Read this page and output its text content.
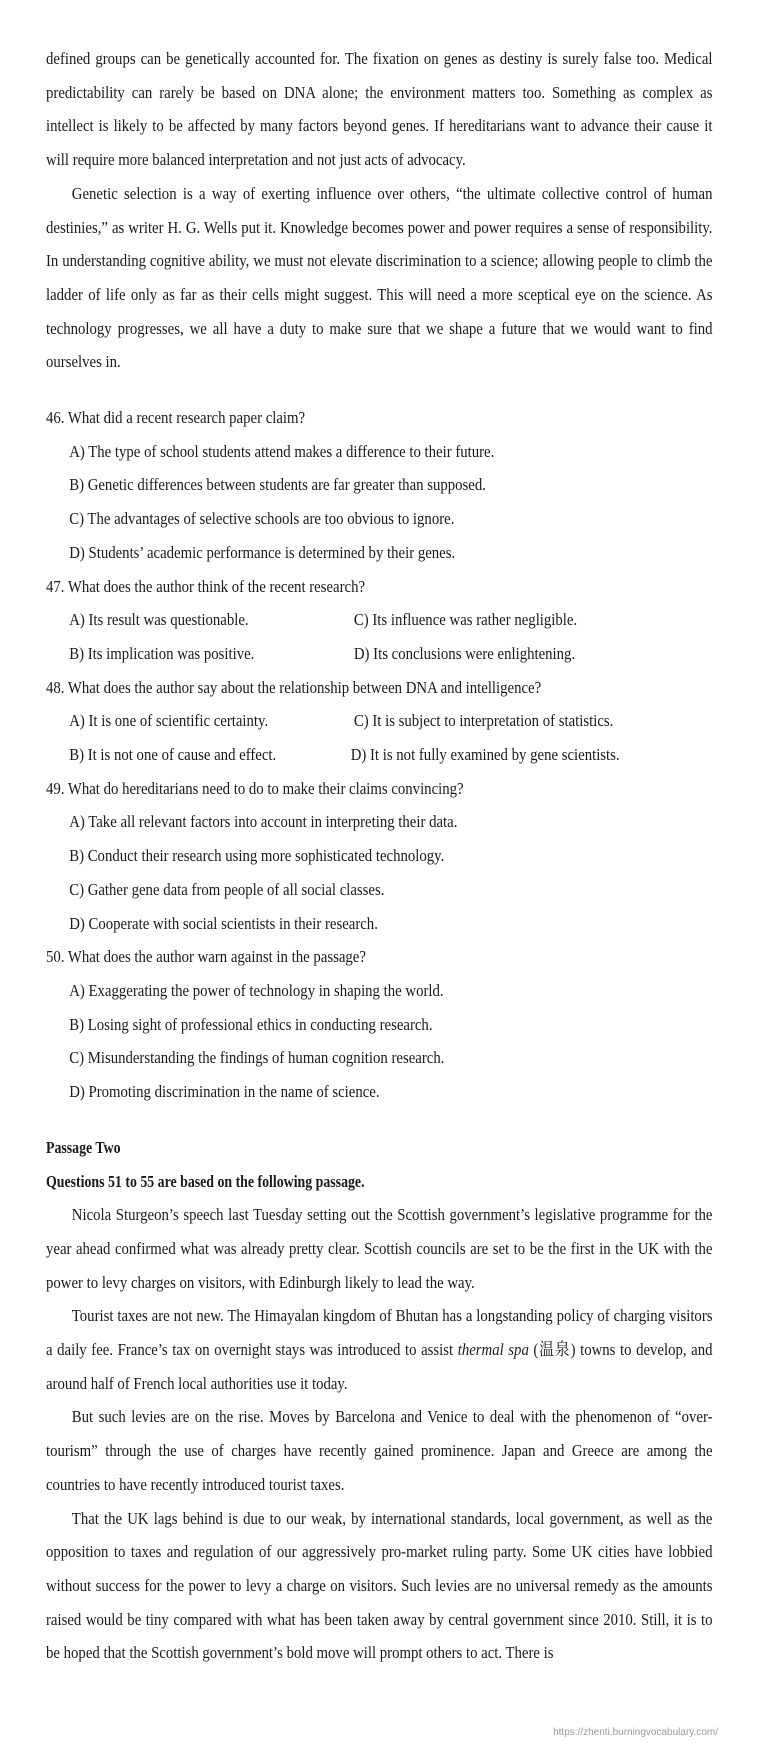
defined groups can be genetically accounted for. The fixation on genes as destiny is surely false too. Medical predictability can rarely be based on DNA alone; the environment matters too. Something as complex as intellect is likely to be affected by many factors beyond genes. If hereditarians want to advance their cause it will require more balanced interpretation and not just acts of advocacy.

Genetic selection is a way of exerting influence over others, “the ultimate collective control of human destinies,” as writer H. G. Wells put it. Knowledge becomes power and power requires a sense of responsibility. In understanding cognitive ability, we must not elevate discrimination to a science; allowing people to climb the ladder of life only as far as their cells might suggest. This will need a more sceptical eye on the science. As technology progresses, we all have a duty to make sure that we shape a future that we would want to find ourselves in.

46. What did a recent research paper claim?
A) The type of school students attend makes a difference to their future.
B) Genetic differences between students are far greater than supposed.
C) The advantages of selective schools are too obvious to ignore.
D) Students’ academic performance is determined by their genes.
47. What does the author think of the recent research?
A) Its result was questionable.	C) Its influence was rather negligible.
B) Its implication was positive.	D) Its conclusions were enlightening.
48. What does the author say about the relationship between DNA and intelligence?
A) It is one of scientific certainty.	C) It is subject to interpretation of statistics.
B) It is not one of cause and effect.	D) It is not fully examined by gene scientists.
49. What do hereditarians need to do to make their claims convincing?
A) Take all relevant factors into account in interpreting their data.
B) Conduct their research using more sophisticated technology.
C) Gather gene data from people of all social classes.
D) Cooperate with social scientists in their research.
50. What does the author warn against in the passage?
A) Exaggerating the power of technology in shaping the world.
B) Losing sight of professional ethics in conducting research.
C) Misunderstanding the findings of human cognition research.
D) Promoting discrimination in the name of science.
Passage Two
Questions 51 to 55 are based on the following passage.

Nicola Sturgeon’s speech last Tuesday setting out the Scottish government’s legislative programme for the year ahead confirmed what was already pretty clear. Scottish councils are set to be the first in the UK with the power to levy charges on visitors, with Edinburgh likely to lead the way.

Tourist taxes are not new. The Himayalan kingdom of Bhutan has a longstanding policy of charging visitors a daily fee. France’s tax on overnight stays was introduced to assist thermal spa (温泉) towns to develop, and around half of French local authorities use it today.

But such levies are on the rise. Moves by Barcelona and Venice to deal with the phenomenon of “over-tourism” through the use of charges have recently gained prominence. Japan and Greece are among the countries to have recently introduced tourist taxes.

That the UK lags behind is due to our weak, by international standards, local government, as well as the opposition to taxes and regulation of our aggressively pro-market ruling party. Some UK cities have lobbied without success for the power to levy a charge on visitors. Such levies are no universal remedy as the amounts raised would be tiny compared with what has been taken away by central government since 2010. Still, it is to be hoped that the Scottish government’s bold move will prompt others to act. There is

https://zhenti.burningvocabulary.com/
